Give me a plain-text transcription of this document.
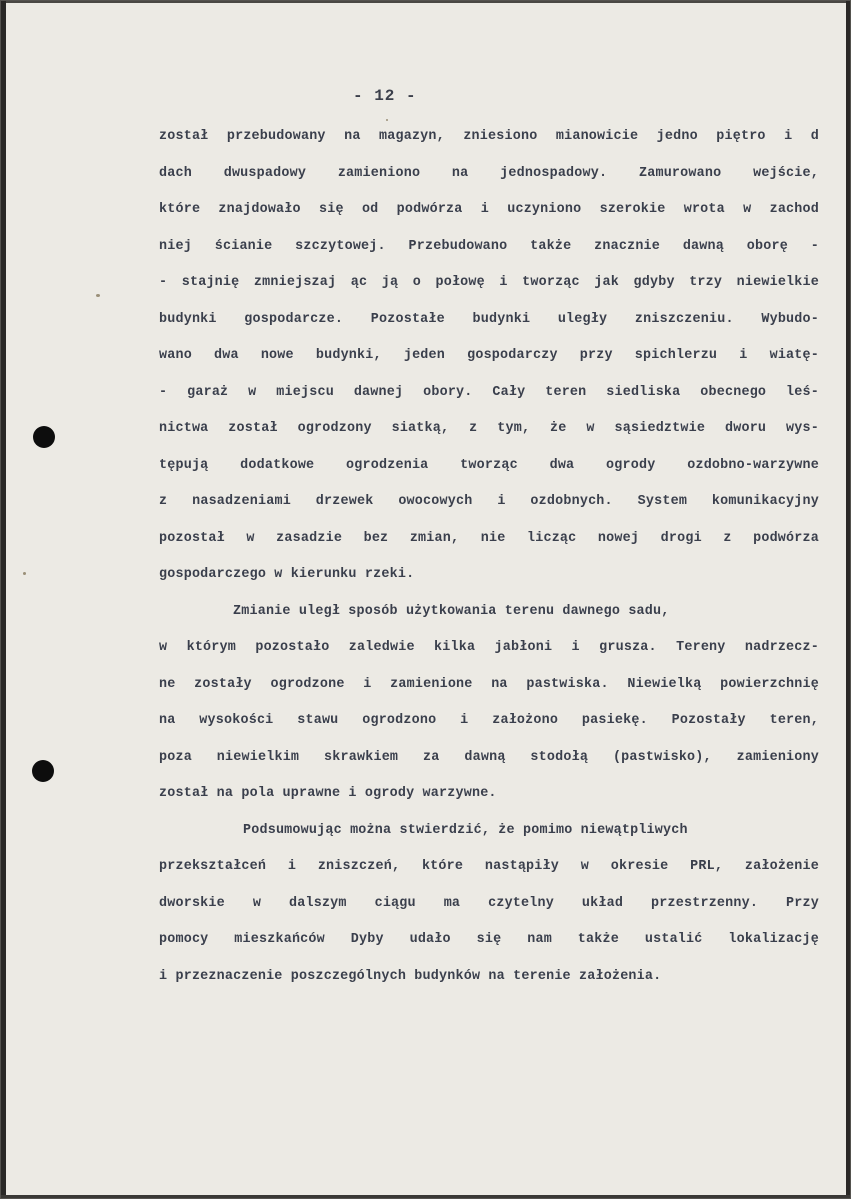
- 12 -
został przebudowany na magazyn, zniesiono mianowicie jedno piętro i d
dach dwuspadowy zamieniono na jednospadowy. Zamurowano wejście,
które znajdowało się od podwórza i uczyniono szerokie wrota w zachod
niej ścianie szczytowej. Przebudowano także znacznie dawną oborę -
- stajnię zmniejszaj ąc ją o połowę i tworząc jak gdyby trzy niewielkie
budynki gospodarcze. Pozostałe budynki uległy zniszczeniu. Wybudo-
wano dwa nowe budynki, jeden gospodarczy przy spichlerzu i wiatę-
- garaż w miejscu dawnej obory. Cały teren siedliska obecnego leś-
nictwa został ogrodzony siatką, z tym, że w sąsiedztwie dworu wys-
tępują dodatkowe ogrodzenia tworząc dwa ogrody ozdobno-warzywne
z nasadzeniami drzewek owocowych i ozdobnych. System komunikacyjny
pozostał w zasadzie bez zmian, nie licząc nowej drogi z podwórza
gospodarczego w kierunku rzeki.
Zmianie uległ sposób użytkowania terenu dawnego sadu,
w którym pozostało zaledwie kilka jabłoni i grusza. Tereny nadrzecz-
ne zostały ogrodzone i zamienione na pastwiska. Niewielką powierzchnię
na wysokości stawu ogrodzono i założono pasiekę. Pozostały teren,
poza niewielkim skrawkiem za dawną stodołą (pastwisko), zamieniony
został na pola uprawne i ogrody warzywne.
Podsumowując można stwierdzić, że pomimo niewątpliwych
przekształceń i zniszczeń, które nastąpiły w okresie PRL, założenie
dworskie w dalszym ciągu ma czytelny układ przestrzenny. Przy
pomocy mieszkańców Dyby udało się nam także ustalić lokalizację
i przeznaczenie poszczególnych budynków na terenie założenia.
